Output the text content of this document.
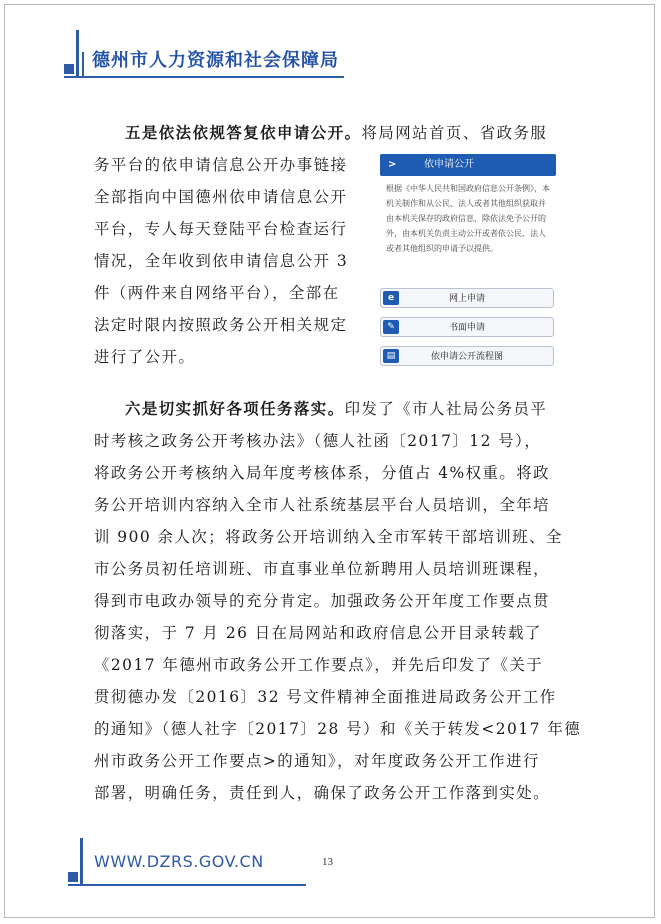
德州市人力资源和社会保障局
五是依法依规答复依申请公开。将局网站首页、省政务服
务平台的依申请信息公开办事链接
全部指向中国德州依申请信息公开
平台，专人每天登陆平台检查运行
情况，全年收到依申请信息公开 3
件（两件来自网络平台），全部在
法定时限内按照政务公开相关规定
进行了公开。
>	依申请公开
根据《中华人民共和国政府信息公开条例》，本机关制作和从公民、法人或者其他组织获取并由本机关保存的政府信息，除依法免予公开的外，由本机关负责主动公开或者依公民、法人或者其他组织的申请予以提供。
e	网上申请
✎	书面申请
▤	依申请公开流程图
六是切实抓好各项任务落实。印发了《市人社局公务员平
时考核之政务公开考核办法》（德人社函〔2017〕12 号），
将政务公开考核纳入局年度考核体系，分值占 4%权重。将政
务公开培训内容纳入全市人社系统基层平台人员培训，全年培
训 900 余人次；将政务公开培训纳入全市军转干部培训班、全
市公务员初任培训班、市直事业单位新聘用人员培训班课程，
得到市电政办领导的充分肯定。加强政务公开年度工作要点贯
彻落实，于 7 月 26 日在局网站和政府信息公开目录转载了
《2017 年德州市政务公开工作要点》，并先后印发了《关于
贯彻德办发〔2016〕32 号文件精神全面推进局政务公开工作
的通知》（德人社字〔2017〕28 号）和《关于转发<2017 年德
州市政务公开工作要点>的通知》，对年度政务公开工作进行
部署，明确任务，责任到人，确保了政务公开工作落到实处。
WWW.DZRS.GOV.CN	13
